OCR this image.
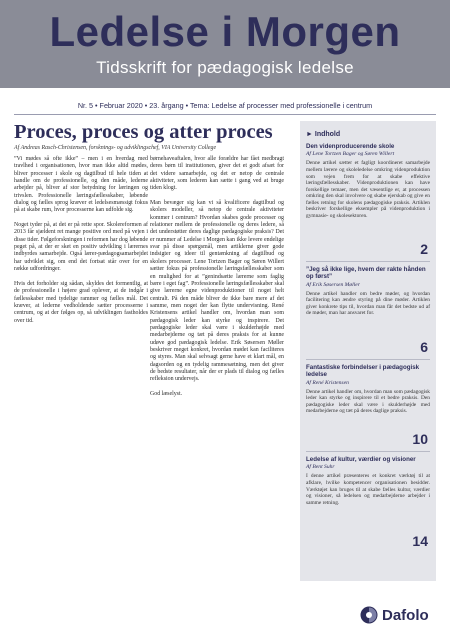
Ledelse i Morgen
Tidsskrift for pædagogisk ledelse
Nr. 5 • Februar 2020 • 23. årgang • Tema: Ledelse af processer med professionelle i centrum
Proces, proces og atter proces
Af Andreas Rasch-Christensen, forsknings- og udviklingschef, VIA University College

”Vi mødes så ofte ikke” – men i en hverdag med travlhed i organisationen, hvor man ikke altid mødes, bliver processer i skole og dagtilbud til hele tiden at handle om de professionelle, og den måde, lederne arbejder på, bliver af stor betydning for læringen og trivslen. Professionelle læringsfællesskaber, løbende dialog og fælles sprog kræver et ledelsesmæssigt fokus på at skabe rum, hvor processerne kan udfolde sig.

Noget tyder på, at det er på rette spor. Skolereformen af 2013 får sjældent ret mange positive ord med på vejen i disse tider. Følgeforskningen i reformen har dog løbende peget på, at der er sket en positiv udvikling i lærernes indbyrdes samarbejde. Også lærer-pædagogsamarbejdet har udviklet sig, om end det fortsat står over for en række udfordringer.

Hvis det forholder sig sådan, skyldes det formentlig, at de professionelle i højere grad oplever, at de indgår i fællesskaber med tydelige rammer og fælles mål. Det kræver, at lederne vedholdende sætter processerne i centrum, og at der følges op, så udviklingen fastholdes over tid.

børnehaveaftalen, hvor alle forældre har fået medbragt deres børn til institutionen, giver det et godt afsæt for det videre samarbejde, og det er netop de centrale aktiviteter, som lederen kan sætte i gang ved at bruge tiden klogt.

Man bevæger sig kan vi så kvalificere dagtilbud og skolers modeller, så netop de centrale aktiviteter kommer i centrum? Hvordan skabes gode processer og relationer mellem de professionelle og deres ledere, så det understøtter deres daglige pædagogiske praksis? Det er nummer af Ledelse i Morgen kan ikke levere endelige svar på disse spørgsmål, men artiklerne giver gode indsigter og ideer til gentænkning af dagtilbud og skolers processer. Lene Tortzen Bager og Søren Willert sætter fokus på professionelle læringsfællesskaber som en mulighed for at ”genindsætte lærerne som faglig bære i eget fag”. Professionelle læringsfællesskaber skal give lærerne egne videnproduktioner til noget helt centralt. På den måde bliver de ikke bare mere af det samme, men noget der kan flytte undervisning. René Kristensens artikel handler om, hvordan man som pædagogisk leder kan styrke og inspirere. Det pædagogiske leder skal være i skulderhøjde med medarbejderne og tæt på deres praksis for at kunne udøve god pædagogisk ledelse. Erik Søsersen Møller beskriver meget konkret, hvordan mødet kan faciliteres og styres. Man skal selvsagt gerne have et klart mål, en dagsorden og en tydelig rammesætning, men det giver de bedste resultater, når der er plads til dialog og fælles refleksion undervejs.

God læselyst.

► Indhold
Den videnproducerende skole
Af Lene Tortzen Bager og Søren Willert
Denne artikel sætter et fagligt koordineret samarbejde mellem lærere og skoleledelse omkring videnproduktion som vejen frem for at skabe effektive læringsfællesskaber. Videnproduktionen kan have forskellige temaer, men det væsentlige er, at processen omkring den skal involvere og skabe ejerskab og give en fælles retning for skolens pædagogiske praksis. Artiklen beskriver forskellige eksempler på videnproduktion i gymnasie- og skolesektoren.
2
”Jeg så ikke lige, hvem der rakte hånden op først”
Af Erik Søsersen Møller
Denne artikel handler om bedre møder, og hvordan facilitering kan ændre styring på dine møder. Artiklen giver konkrete tips til, hvordan man får det bedste ud af de møder, man har ansvaret for.
6
Fantastiske forbindelser i pædagogisk ledelse
Af René Kristensen
Denne artikel handler om, hvordan man som pædagogisk leder kan styrke og inspirere til et bedre praksis. Den pædagogiske leder skal være i skulderhøjde med medarbejderne og tæt på deres daglige praksis.
10
Ledelse af kultur, værdier og visioner
Af Bent Suhr
I denne artikel præsenteres et konkret værktøj til at afklare, hvilke kompetencer organisationen besidder. Værktøjet kan bruges til at skabe fælles kultur, værdier og visioner, så ledelsen og medarbejderne arbejder i samme retning.
14
Dafolo
